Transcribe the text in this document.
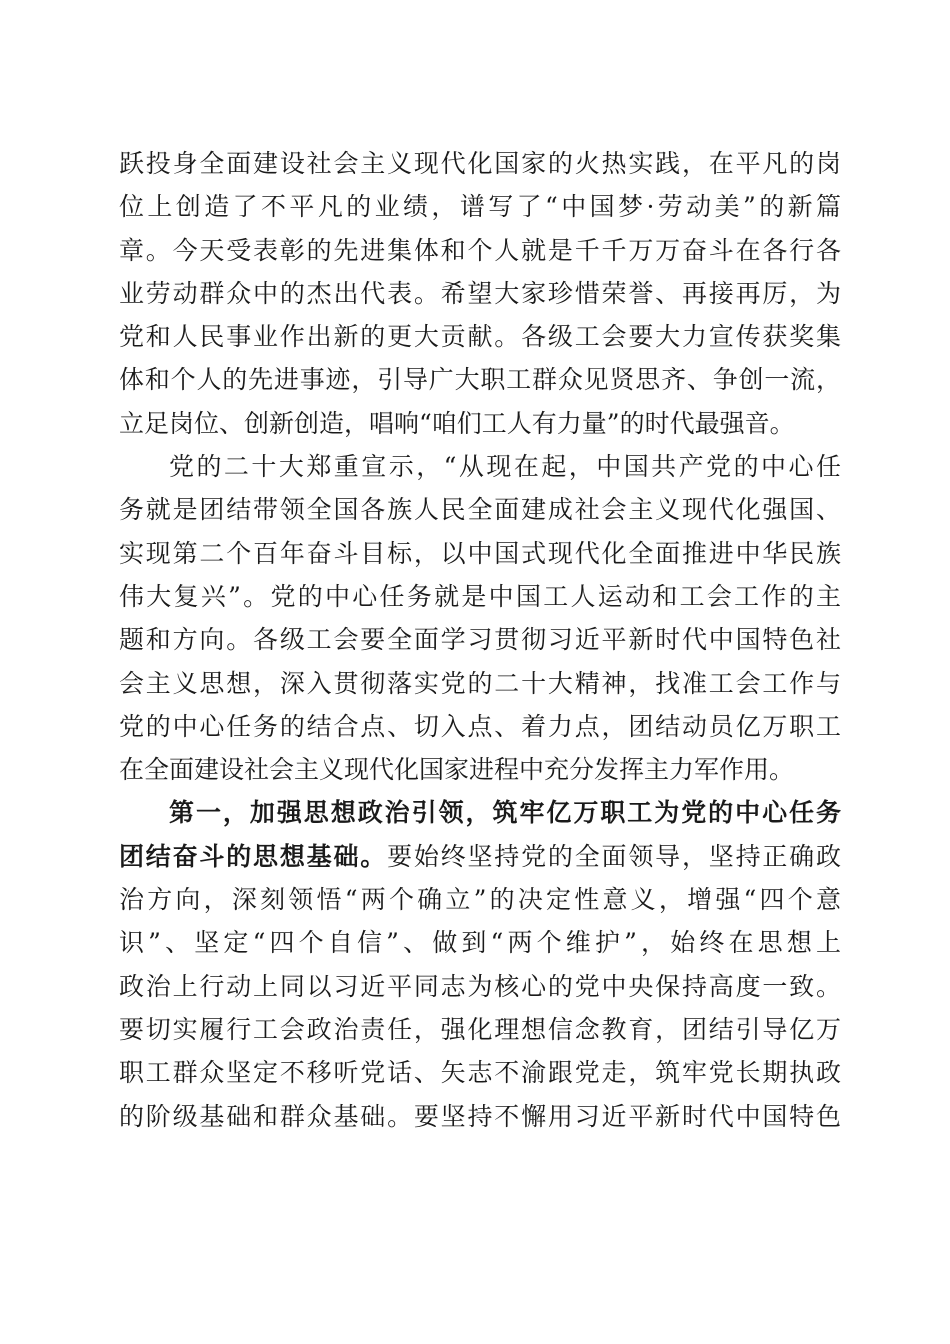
跃投身全面建设社会主义现代化国家的火热实践，在平凡的岗
位上创造了不平凡的业绩，谱写了“中国梦·劳动美”的新篇
章。今天受表彰的先进集体和个人就是千千万万奋斗在各行各
业劳动群众中的杰出代表。希望大家珍惜荣誉、再接再厉，为
党和人民事业作出新的更大贡献。各级工会要大力宣传获奖集
体和个人的先进事迹，引导广大职工群众见贤思齐、争创一流，
立足岗位、创新创造，唱响“咱们工人有力量”的时代最强音。
党的二十大郑重宣示，“从现在起，中国共产党的中心任
务就是团结带领全国各族人民全面建成社会主义现代化强国、
实现第二个百年奋斗目标，以中国式现代化全面推进中华民族
伟大复兴”。党的中心任务就是中国工人运动和工会工作的主
题和方向。各级工会要全面学习贯彻习近平新时代中国特色社
会主义思想，深入贯彻落实党的二十大精神，找准工会工作与
党的中心任务的结合点、切入点、着力点，团结动员亿万职工
在全面建设社会主义现代化国家进程中充分发挥主力军作用。
第一，加强思想政治引领，筑牢亿万职工为党的中心任务
团结奋斗的思想基础。要始终坚持党的全面领导，坚持正确政
治方向，深刻领悟“两个确立”的决定性意义，增强“四个意
识”、坚定“四个自信”、做到“两个维护”，始终在思想上
政治上行动上同以习近平同志为核心的党中央保持高度一致。
要切实履行工会政治责任，强化理想信念教育，团结引导亿万
职工群众坚定不移听党话、矢志不渝跟党走，筑牢党长期执政
的阶级基础和群众基础。要坚持不懈用习近平新时代中国特色
